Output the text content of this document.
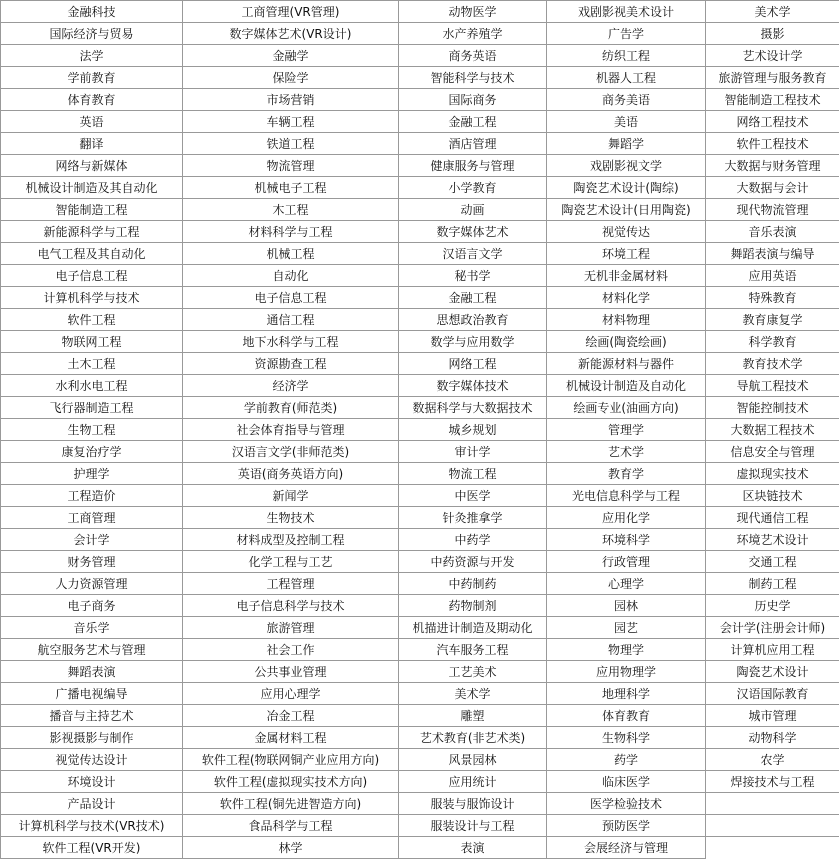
金融科技	工商管理(VR管理)	动物医学	戏剧影视美术设计	美术学
国际经济与贸易	数字媒体艺术(VR设计)	水产养殖学	广告学	摄影
法学	金融学	商务英语	纺织工程	艺术设计学
学前教育	保险学	智能科学与技术	机器人工程	旅游管理与服务教育
体育教育	市场营销	国际商务	商务美语	智能制造工程技术
英语	车辆工程	金融工程	美语	网络工程技术
翻译	铁道工程	酒店管理	舞蹈学	软件工程技术
网络与新媒体	物流管理	健康服务与管理	戏剧影视文学	大数据与财务管理
机械设计制造及其自动化	机械电子工程	小学教育	陶瓷艺术设计(陶综)	大数据与会计
智能制造工程	木工程	动画	陶瓷艺术设计(日用陶瓷)	现代物流管理
新能源科学与工程	材料科学与工程	数字媒体艺术	视觉传达	音乐表演
电气工程及其自动化	机械工程	汉语言文学	环境工程	舞蹈表演与编导
电子信息工程	自动化	秘书学	无机非金属材料	应用英语
计算机科学与技术	电子信息工程	金融工程	材料化学	特殊教育
软件工程	通信工程	思想政治教育	材料物理	教育康复学
物联网工程	地下水科学与工程	数学与应用数学	绘画(陶瓷绘画)	科学教育
土木工程	资源勘查工程	网络工程	新能源材料与器件	教育技术学
水利水电工程	经济学	数字媒体技术	机械设计制造及自动化	导航工程技术
飞行器制造工程	学前教育(师范类)	数据科学与大数据技术	绘画专业(油画方向)	智能控制技术
生物工程	社会体育指导与管理	城乡规划	管理学	大数据工程技术
康复治疗学	汉语言文学(非师范类)	审计学	艺术学	信息安全与管理
护理学	英语(商务英语方向)	物流工程	教育学	虚拟现实技术
工程造价	新闻学	中医学	光电信息科学与工程	区块链技术
工商管理	生物技术	针灸推拿学	应用化学	现代通信工程
会计学	材料成型及控制工程	中药学	环境科学	环境艺术设计
财务管理	化学工程与工艺	中药资源与开发	行政管理	交通工程
人力资源管理	工程管理	中药制药	心理学	制药工程
电子商务	电子信息科学与技术	药物制剂	园林	历史学
音乐学	旅游管理	机描进计制造及期动化	园艺	会计学(注册会计师)
航空服务艺术与管理	社会工作	汽车服务工程	物理学	计算机应用工程
舞蹈表演	公共事业管理	工艺美术	应用物理学	陶瓷艺术设计
广播电视编导	应用心理学	美术学	地理科学	汉语国际教育
播音与主持艺术	冶金工程	雕塑	体育教育	城市管理
影视摄影与制作	金属材料工程	艺术教育(非艺术类)	生物科学	动物科学
视觉传达设计	软件工程(物联网铜产业应用方向)	风景园林	药学	农学
环境设计	软件工程(虚拟现实技术方向)	应用统计	临床医学	焊接技术与工程
产品设计	软件工程(铜先进智造方向)	服装与服饰设计	医学检验技术	
计算机科学与技术(VR技术)	食品科学与工程	服装设计与工程	预防医学	
软件工程(VR开发)	林学	表演	会展经济与管理	
